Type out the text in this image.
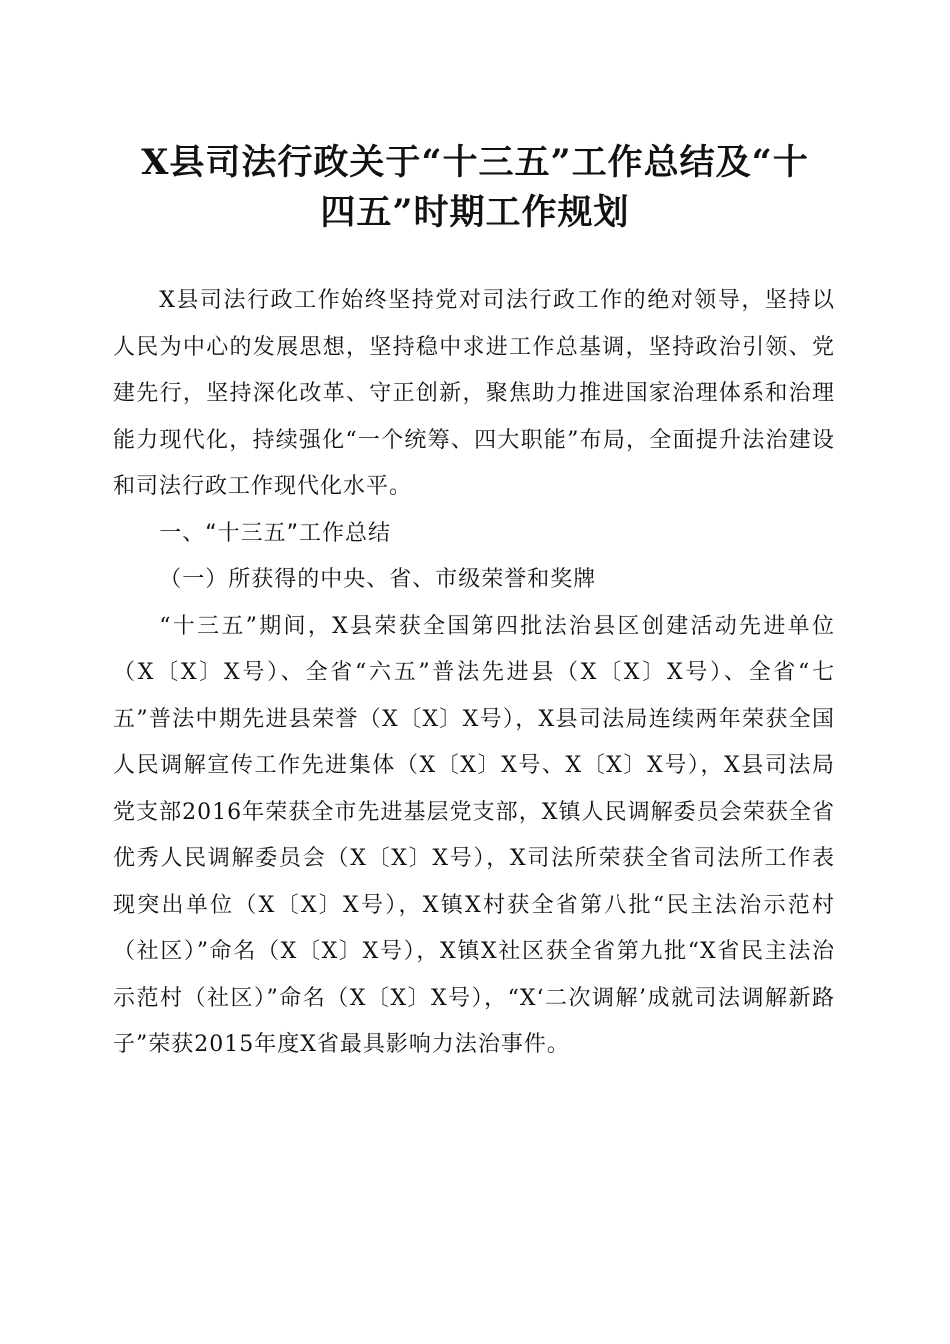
X县司法行政关于“十三五”工作总结及“十
四五”时期工作规划

X县司法行政工作始终坚持党对司法行政工作的绝对领导，坚持以人民为中心的发展思想，坚持稳中求进工作总基调，坚持政治引领、党建先行，坚持深化改革、守正创新，聚焦助力推进国家治理体系和治理能力现代化，持续强化“一个统筹、四大职能”布局，全面提升法治建设和司法行政工作现代化水平。

一、“十三五”工作总结

（一）所获得的中央、省、市级荣誉和奖牌

“十三五”期间，X县荣获全国第四批法治县区创建活动先进单位（X〔X〕X号）、全省“六五”普法先进县（X〔X〕X号）、全省“七五”普法中期先进县荣誉（X〔X〕X号），X县司法局连续两年荣获全国人民调解宣传工作先进集体（X〔X〕X号、X〔X〕X号），X县司法局党支部2016年荣获全市先进基层党支部，X镇人民调解委员会荣获全省优秀人民调解委员会（X〔X〕X号），X司法所荣获全省司法所工作表现突出单位（X〔X〕X号），X镇X村获全省第八批“民主法治示范村（社区）”命名（X〔X〕X号），X镇X社区获全省第九批“X省民主法治示范村（社区）”命名（X〔X〕X号），“X‘二次调解’成就司法调解新路子”荣获2015年度X省最具影响力法治事件。
